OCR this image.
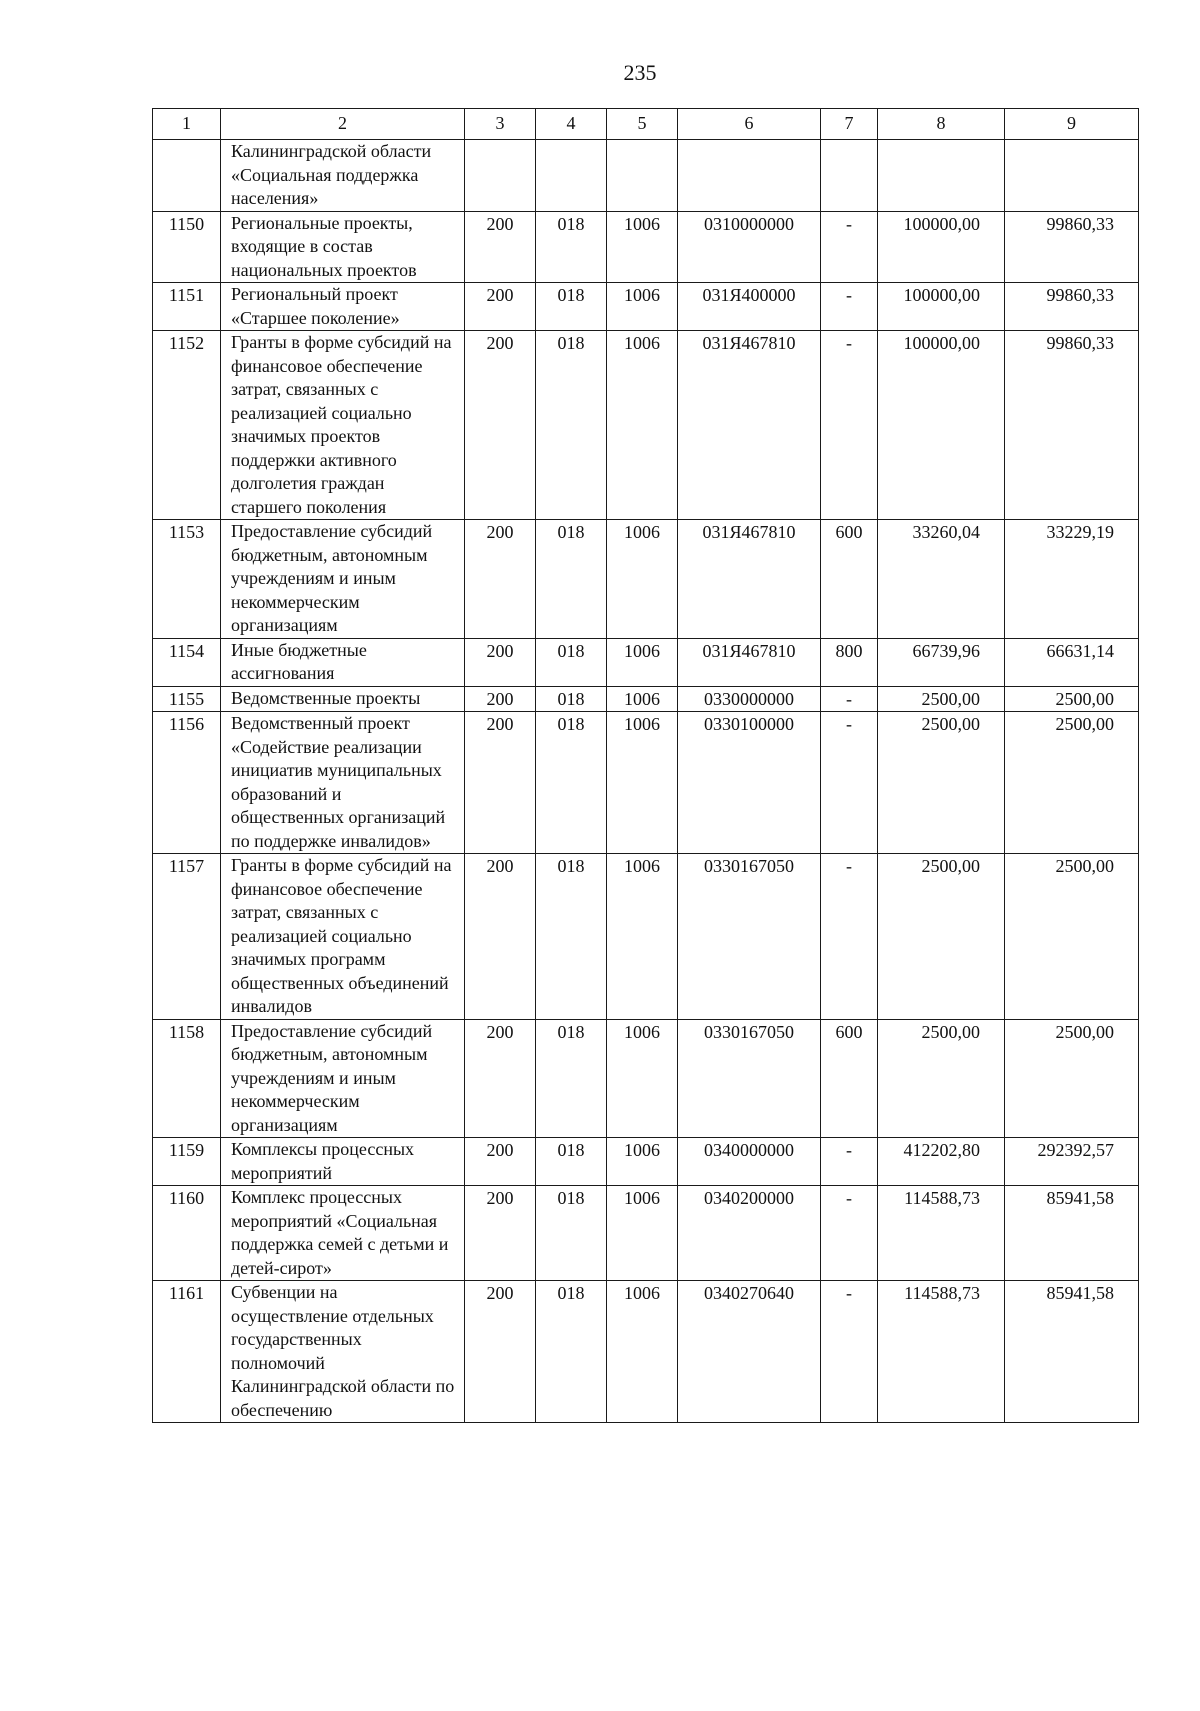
235
1	2	3	4	5	6	7	8	9
	Калининградской области «Социальная поддержка населения»							
1150	Региональные проекты, входящие в состав национальных проектов	200	018	1006	0310000000	-	100000,00	99860,33
1151	Региональный проект «Старшее поколение»	200	018	1006	031Я400000	-	100000,00	99860,33
1152	Гранты в форме субсидий на финансовое обеспечение затрат, связанных с реализацией социально значимых проектов поддержки активного долголетия граждан старшего поколения	200	018	1006	031Я467810	-	100000,00	99860,33
1153	Предоставление субсидий бюджетным, автономным учреждениям и иным некоммерческим организациям	200	018	1006	031Я467810	600	33260,04	33229,19
1154	Иные бюджетные ассигнования	200	018	1006	031Я467810	800	66739,96	66631,14
1155	Ведомственные проекты	200	018	1006	0330000000	-	2500,00	2500,00
1156	Ведомственный проект «Содействие реализации инициатив муниципальных образований и общественных организаций по поддержке инвалидов»	200	018	1006	0330100000	-	2500,00	2500,00
1157	Гранты в форме субсидий на финансовое обеспечение затрат, связанных с реализацией социально значимых программ общественных объединений инвалидов	200	018	1006	0330167050	-	2500,00	2500,00
1158	Предоставление субсидий бюджетным, автономным учреждениям и иным некоммерческим организациям	200	018	1006	0330167050	600	2500,00	2500,00
1159	Комплексы процессных мероприятий	200	018	1006	0340000000	-	412202,80	292392,57
1160	Комплекс процессных мероприятий «Социальная поддержка семей с детьми и детей-сирот»	200	018	1006	0340200000	-	114588,73	85941,58
1161	Субвенции на осуществление отдельных государственных полномочий Калининградской области по обеспечению	200	018	1006	0340270640	-	114588,73	85941,58
